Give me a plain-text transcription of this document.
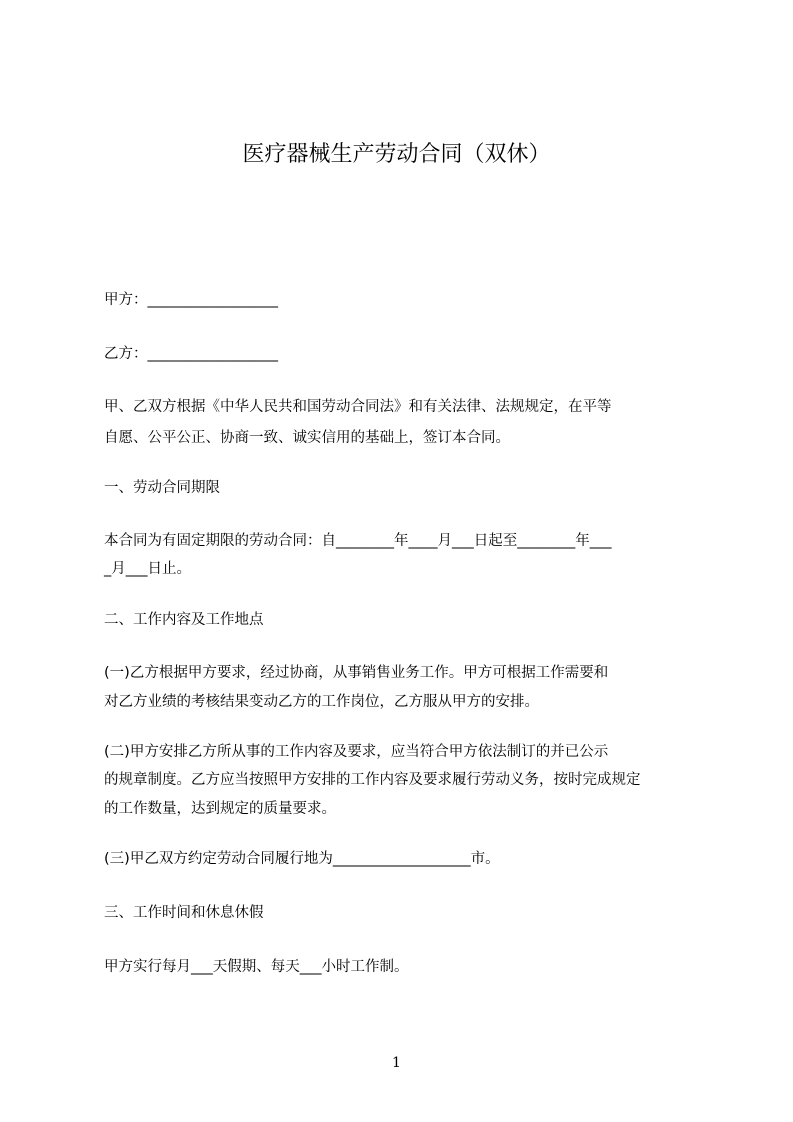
医疗器械生产劳动合同（双休）
甲方：__________________
乙方：__________________
甲、乙双方根据《中华人民共和国劳动合同法》和有关法律、法规规定，在平等
自愿、公平公正、协商一致、诚实信用的基础上，签订本合同。
一、劳动合同期限
本合同为有固定期限的劳动合同：自________年____月___日起至________年___
_月___日止。
二、工作内容及工作地点
(一)乙方根据甲方要求，经过协商，从事销售业务工作。甲方可根据工作需要和
对乙方业绩的考核结果变动乙方的工作岗位，乙方服从甲方的安排。
(二)甲方安排乙方所从事的工作内容及要求，应当符合甲方依法制订的并已公示
的规章制度。乙方应当按照甲方安排的工作内容及要求履行劳动义务，按时完成规定
的工作数量，达到规定的质量要求。
(三)甲乙双方约定劳动合同履行地为___________________市。
三、工作时间和休息休假
甲方实行每月___天假期、每天___小时工作制。
1
